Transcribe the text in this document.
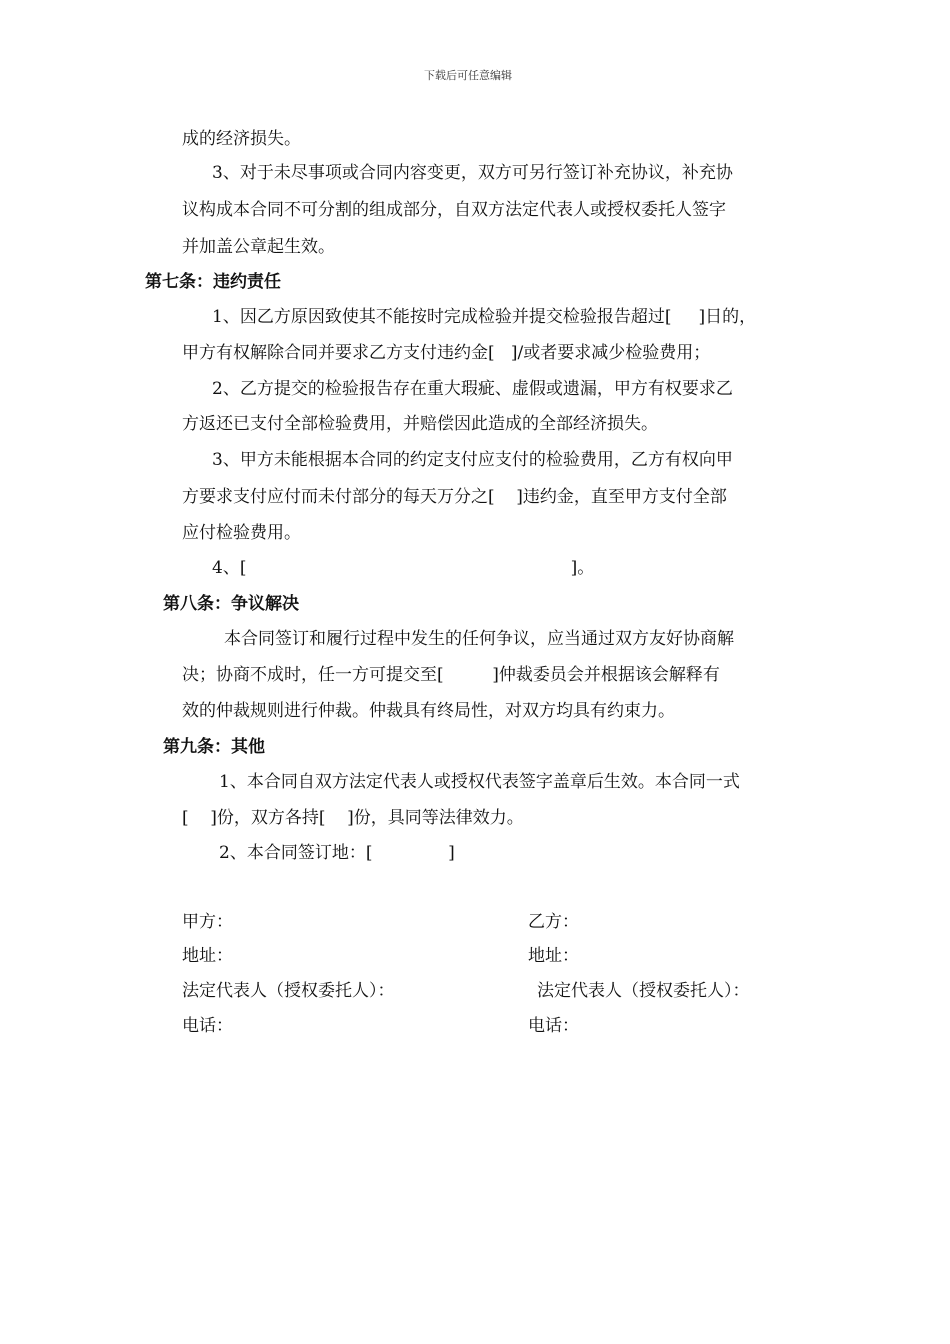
下载后可任意编辑
成的经济损失。
3、对于未尽事项或合同内容变更，双方可另行签订补充协议，补充协
议构成本合同不可分割的组成部分，自双方法定代表人或授权委托人签字
并加盖公章起生效。
第七条：违约责任
1、因乙方原因致使其不能按时完成检验并提交检验报告超过[     ]日的，
甲方有权解除合同并要求乙方支付违约金[   ]/或者要求减少检验费用；
2、乙方提交的检验报告存在重大瑕疵、虚假或遗漏，甲方有权要求乙
方返还已支付全部检验费用，并赔偿因此造成的全部经济损失。
3、甲方未能根据本合同的约定支付应支付的检验费用，乙方有权向甲
方要求支付应付而未付部分的每天万分之[    ]违约金，直至甲方支付全部
应付检验费用。
4、[                                                            ]。
第八条：争议解决
本合同签订和履行过程中发生的任何争议，应当通过双方友好协商解
决；协商不成时，任一方可提交至[         ]仲裁委员会并根据该会解释有
效的仲裁规则进行仲裁。仲裁具有终局性，对双方均具有约束力。
第九条：其他
1、本合同自双方法定代表人或授权代表签字盖章后生效。本合同一式
[    ]份，双方各持[    ]份，具同等法律效力。
2、本合同签订地：[              ]
甲方：
地址：
法定代表人（授权委托人）：
电话：
乙方：
地址：
法定代表人（授权委托人）：
电话：
